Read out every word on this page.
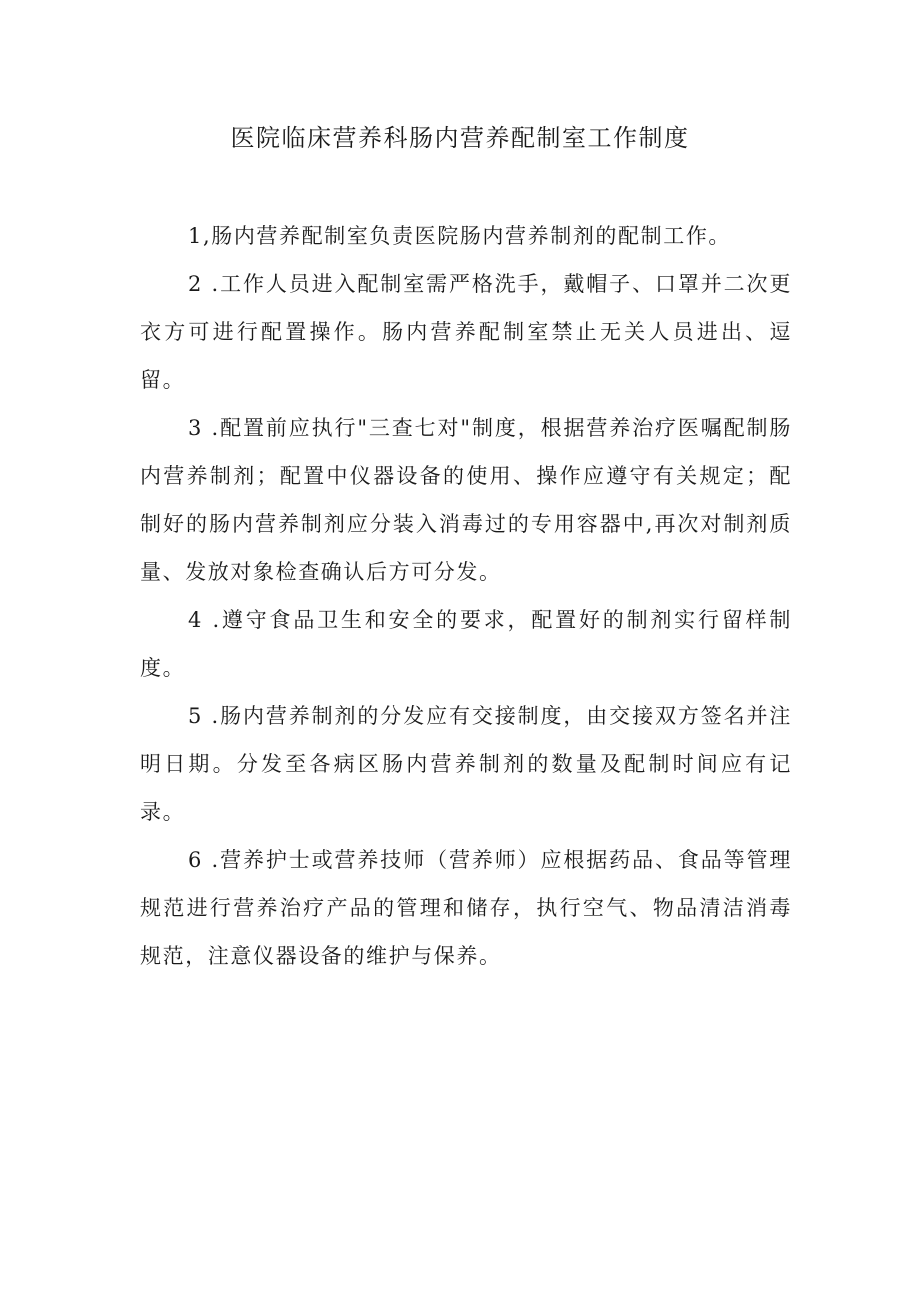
医院临床营养科肠内营养配制室工作制度

1,肠内营养配制室负责医院肠内营养制剂的配制工作。

2 .工作人员进入配制室需严格洗手，戴帽子、口罩并二次更衣方可进行配置操作。肠内营养配制室禁止无关人员进出、逗留。

3 .配置前应执行"三查七对"制度，根据营养治疗医嘱配制肠内营养制剂；配置中仪器设备的使用、操作应遵守有关规定；配制好的肠内营养制剂应分装入消毒过的专用容器中,再次对制剂质量、发放对象检查确认后方可分发。

4 .遵守食品卫生和安全的要求，配置好的制剂实行留样制度。

5 .肠内营养制剂的分发应有交接制度，由交接双方签名并注明日期。分发至各病区肠内营养制剂的数量及配制时间应有记录。

6 .营养护士或营养技师（营养师）应根据药品、食品等管理规范进行营养治疗产品的管理和储存，执行空气、物品清洁消毒规范，注意仪器设备的维护与保养。
